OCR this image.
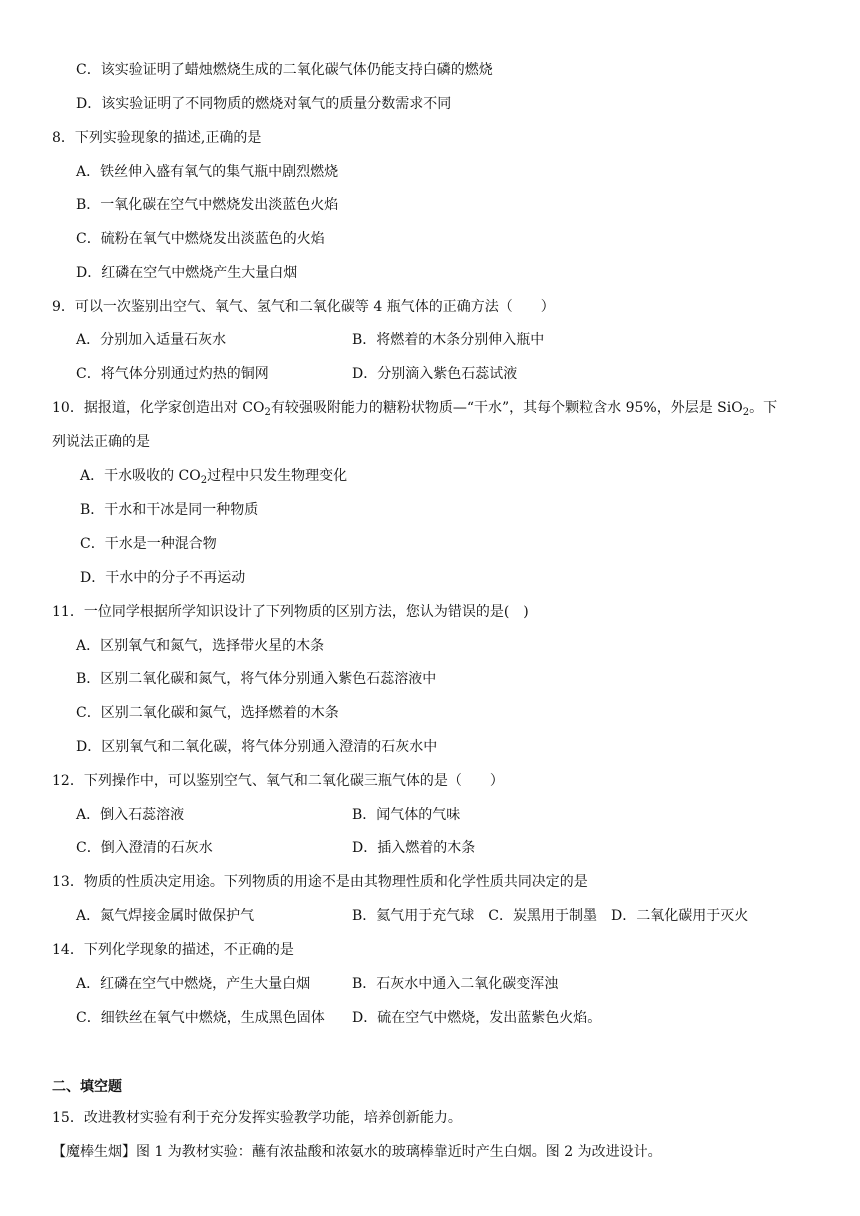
C．该实验证明了蜡烛燃烧生成的二氧化碳气体仍能支持白磷的燃烧
D．该实验证明了不同物质的燃烧对氧气的质量分数需求不同
8．下列实验现象的描述,正确的是
A．铁丝伸入盛有氧气的集气瓶中剧烈燃烧
B．一氧化碳在空气中燃烧发出淡蓝色火焰
C．硫粉在氧气中燃烧发出淡蓝色的火焰
D．红磷在空气中燃烧产生大量白烟
9．可以一次鉴别出空气、氧气、氢气和二氧化碳等 4 瓶气体的正确方法（　　）
A．分别加入适量石灰水	B．将燃着的木条分别伸入瓶中
C．将气体分别通过灼热的铜网	D．分别滴入紫色石蕊试液
10．据报道，化学家创造出对 $CO_2$有较强吸附能力的糖粉状物质—“干水”，其每个颗粒含水 95%，外层是 SiO$_2$。下
列说法正确的是
A．干水吸收的 $CO_2$过程中只发生物理变化
B．干水和干冰是同一种物质
C．干水是一种混合物
D．干水中的分子不再运动
11．一位同学根据所学知识设计了下列物质的区别方法，您认为错误的是(　)
A．区别氧气和氮气，选择带火星的木条
B．区别二氧化碳和氮气，将气体分别通入紫色石蕊溶液中
C．区别二氧化碳和氮气，选择燃着的木条
D．区别氧气和二氧化碳，将气体分别通入澄清的石灰水中
12．下列操作中，可以鉴别空气、氧气和二氧化碳三瓶气体的是（　　）
A．倒入石蕊溶液	B．闻气体的气味
C．倒入澄清的石灰水	D．插入燃着的木条
13．物质的性质决定用途。下列物质的用途不是由其物理性质和化学性质共同决定的是
A．氮气焊接金属时做保护气	B．氦气用于充气球　C．炭黑用于制墨　D．二氧化碳用于灭火
14．下列化学现象的描述，不正确的是
A．红磷在空气中燃烧，产生大量白烟	B．石灰水中通入二氧化碳变浑浊
C．细铁丝在氧气中燃烧，生成黑色固体 D．硫在空气中燃烧，发出蓝紫色火焰。
二、填空题
15．改进教材实验有利于充分发挥实验教学功能，培养创新能力。
【魔棒生烟】图 1 为教材实验：蘸有浓盐酸和浓氨水的玻璃棒靠近时产生白烟。图 2 为改进设计。
